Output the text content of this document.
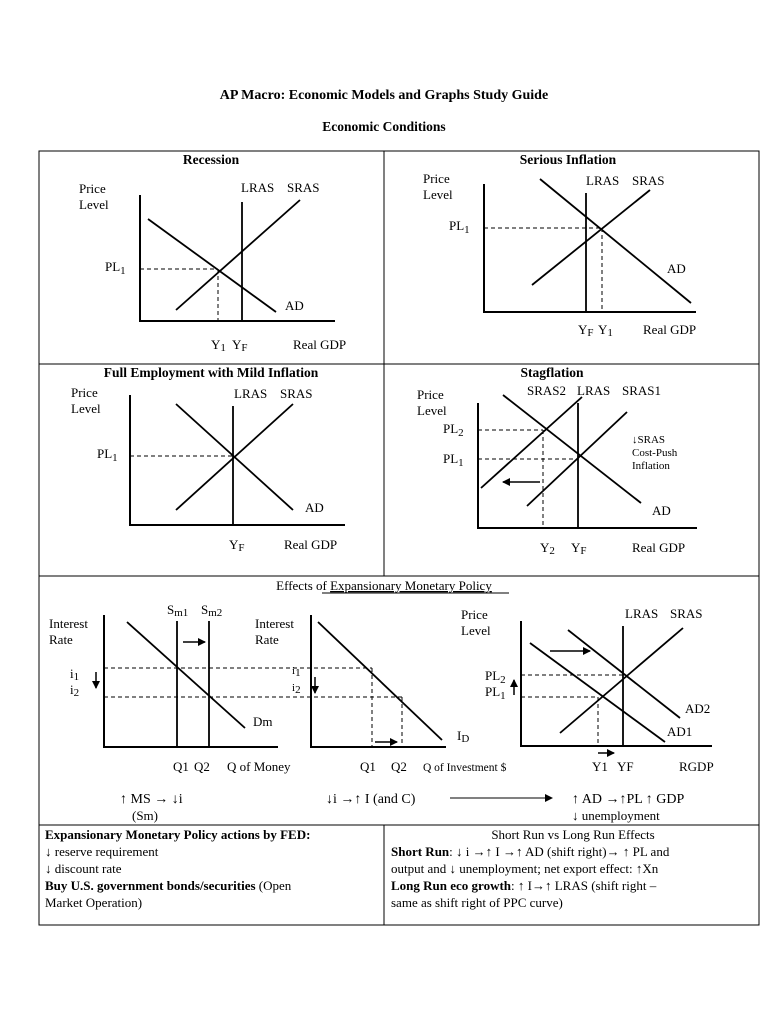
AP Macro: Economic Models and Graphs Study Guide
Economic Conditions
Recession
Price
Level
LRAS SRAS
$PL_1$
AD
Y1 YF	Real GDP
Serious Inflation
Price
Level
LRAS SRAS
$PL_1$
AD
YF Y1 Real GDP
Full Employment with Mild Inflation
Price
Level
LRAS SRAS
$PL_1$
AD
YF	Real GDP
Stagflation
Price
Level
SRAS2 LRAS SRAS1
$PL_2$
$PL_1$
↓SRAS
Cost-Push
Inflation
AD
Y2 YF	Real GDP
Effects of Expansionary Monetary Policy
Interest
Rate
Sm1 Sm2
i1
i2
Dm
Q1 Q2 Q of Money
Interest
Rate
i1
i2
ID
Q1 Q2 Q of Investment $
Price
Level
LRAS SRAS
$PL_2$
$PL_1$
AD2
AD1
Y1 YF	RGDP
↑ MS → ↓i
(Sm)
↓i →↑ I (and C)	↑ AD →↑PL ↑ GDP
↓ unemployment
Expansionary Monetary Policy actions by FED:
↓ reserve requirement
↓ discount rate
Buy U.S. government bonds/securities (Open
Market Operation)
Short Run vs Long Run Effects
Short Run: ↓ i →↑ I →↑ AD (shift right)→ ↑ PL and
output and ↓ unemployment; net export effect: ↑Xn
Long Run eco growth: ↑ I→↑ LRAS (shift right –
same as shift right of PPC curve)
